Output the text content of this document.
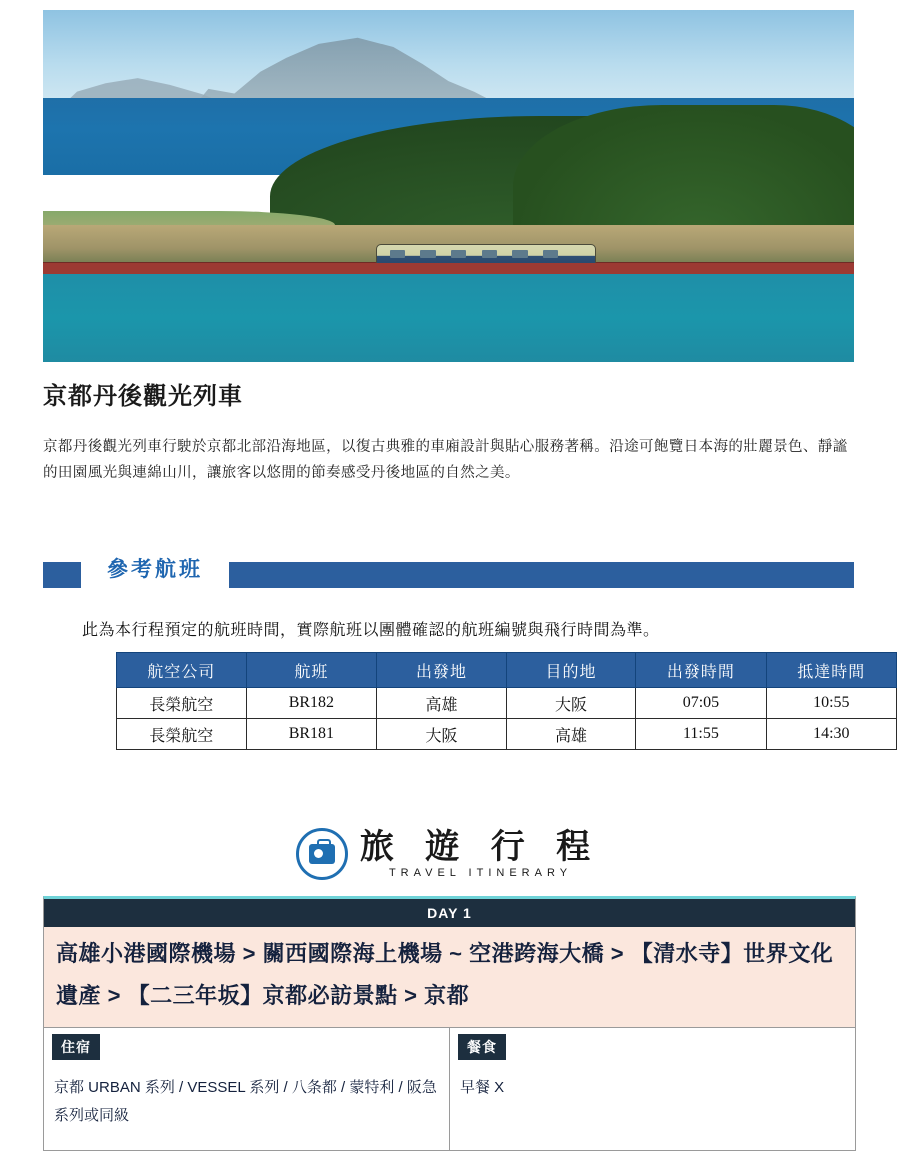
京都丹後觀光列車
京都丹後觀光列車行駛於京都北部沿海地區，以復古典雅的車廂設計與貼心服務著稱。沿途可飽覽日本海的壯麗景色、靜謐的田園風光與連綿山川，讓旅客以悠閒的節奏感受丹後地區的自然之美。
參考航班
此為本行程預定的航班時間，實際航班以團體確認的航班編號與飛行時間為準。
航空公司	航班	出發地	目的地	出發時間	抵達時間
長榮航空	BR182	高雄	大阪	07:05	10:55
長榮航空	BR181	大阪	高雄	11:55	14:30
旅 遊 行 程
TRAVEL ITINERARY
DAY 1
高雄小港國際機場 > 關西國際海上機場 ~ 空港跨海大橋 > 【清水寺】世界文化遺產 > 【二三年坂】京都必訪景點 > 京都
住宿
京都 URBAN 系列 / VESSEL 系列 / 八条都 / 蒙特利 / 阪急系列或同級
餐食
早餐 X
